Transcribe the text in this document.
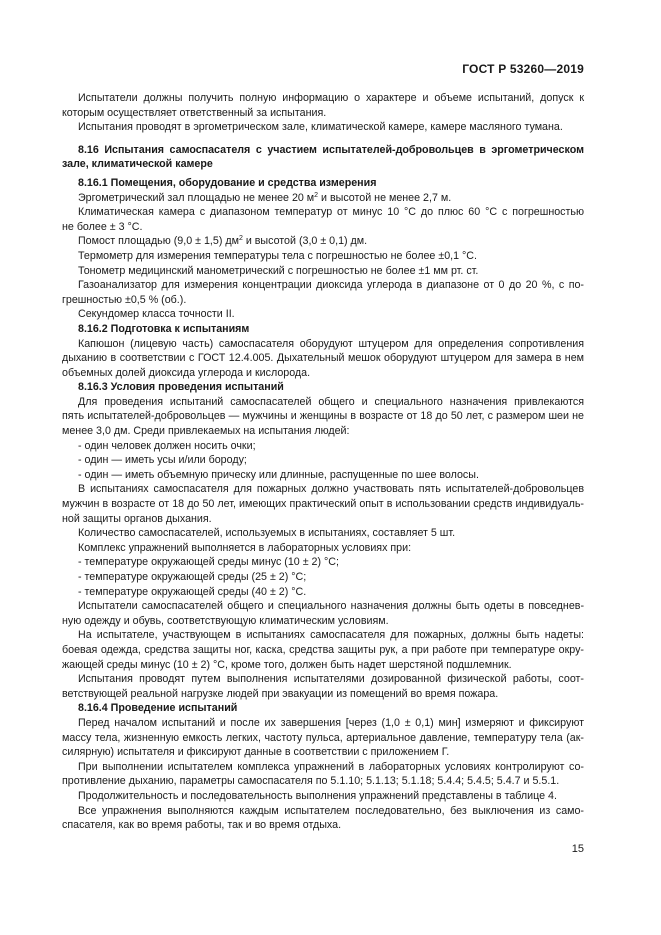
ГОСТ Р 53260—2019
Испытатели должны получить полную информацию о характере и объеме испытаний, допуск к
которым осуществляет ответственный за испытания.
Испытания проводят в эргометрическом зале, климатической камере, камере масляного тумана.
8.16 Испытания самоспасателя с участием испытателей-добровольцев в эргометрическом
зале, климатической камере
8.16.1 Помещения, оборудование и средства измерения
Эргометрический зал площадью не менее 20 $м^2$ и высотой не менее 2,7 м.
Климатическая камера с диапазоном температур от минус 10 °С до плюс 60 °С с погрешностью
не более ± 3 °С.
Помост площадью (9,0 ± 1,5) $дм^2$ и высотой (3,0 ± 0,1) дм.
Термометр для измерения температуры тела с погрешностью не более ±0,1 °С.
Тонометр медицинский манометрический с погрешностью не более ±1 мм рт. ст.
Газоанализатор для измерения концентрации диоксида углерода в диапазоне от 0 до 20 %, с по-
грешностью ±0,5 % (об.).
Секундомер класса точности II.
8.16.2 Подготовка к испытаниям
Капюшон (лицевую часть) самоспасателя оборудуют штуцером для определения сопротивления
дыханию в соответствии с ГОСТ 12.4.005. Дыхательный мешок оборудуют штуцером для замера в нем
объемных долей диоксида углерода и кислорода.
8.16.3 Условия проведения испытаний
Для проведения испытаний самоспасателей общего и специального назначения привлекаются
пять испытателей-добровольцев — мужчины и женщины в возрасте от 18 до 50 лет, с размером шеи не
менее 3,0 дм. Среди привлекаемых на испытания людей:
- один человек должен носить очки;
- один — иметь усы и/или бороду;
- один — иметь объемную прическу или длинные, распущенные по шее волосы.
В испытаниях самоспасателя для пожарных должно участвовать пять испытателей-добровольцев
мужчин в возрасте от 18 до 50 лет, имеющих практический опыт в использовании средств индивидуаль-
ной защиты органов дыхания.
Количество самоспасателей, используемых в испытаниях, составляет 5 шт.
Комплекс упражнений выполняется в лабораторных условиях при:
- температуре окружающей среды минус (10 ± 2) °С;
- температуре окружающей среды (25 ± 2) °С;
- температуре окружающей среды (40 ± 2) °С.
Испытатели самоспасателей общего и специального назначения должны быть одеты в повседнев-
ную одежду и обувь, соответствующую климатическим условиям.
На испытателе, участвующем в испытаниях самоспасателя для пожарных, должны быть надеты:
боевая одежда, средства защиты ног, каска, средства защиты рук, а при работе при температуре окру-
жающей среды минус (10 ± 2) °С, кроме того, должен быть надет шерстяной подшлемник.
Испытания проводят путем выполнения испытателями дозированной физической работы, соот-
ветствующей реальной нагрузке людей при эвакуации из помещений во время пожара.
8.16.4 Проведение испытаний
Перед началом испытаний и после их завершения [через (1,0 ± 0,1) мин] измеряют и фиксируют
массу тела, жизненную емкость легких, частоту пульса, артериальное давление, температуру тела (ак-
силярную) испытателя и фиксируют данные в соответствии с приложением Г.
При выполнении испытателем комплекса упражнений в лабораторных условиях контролируют со-
противление дыханию, параметры самоспасателя по 5.1.10; 5.1.13; 5.1.18; 5.4.4; 5.4.5; 5.4.7 и 5.5.1.
Продолжительность и последовательность выполнения упражнений представлены в таблице 4.
Все упражнения выполняются каждым испытателем последовательно, без выключения из само-
спасателя, как во время работы, так и во время отдыха.
15
